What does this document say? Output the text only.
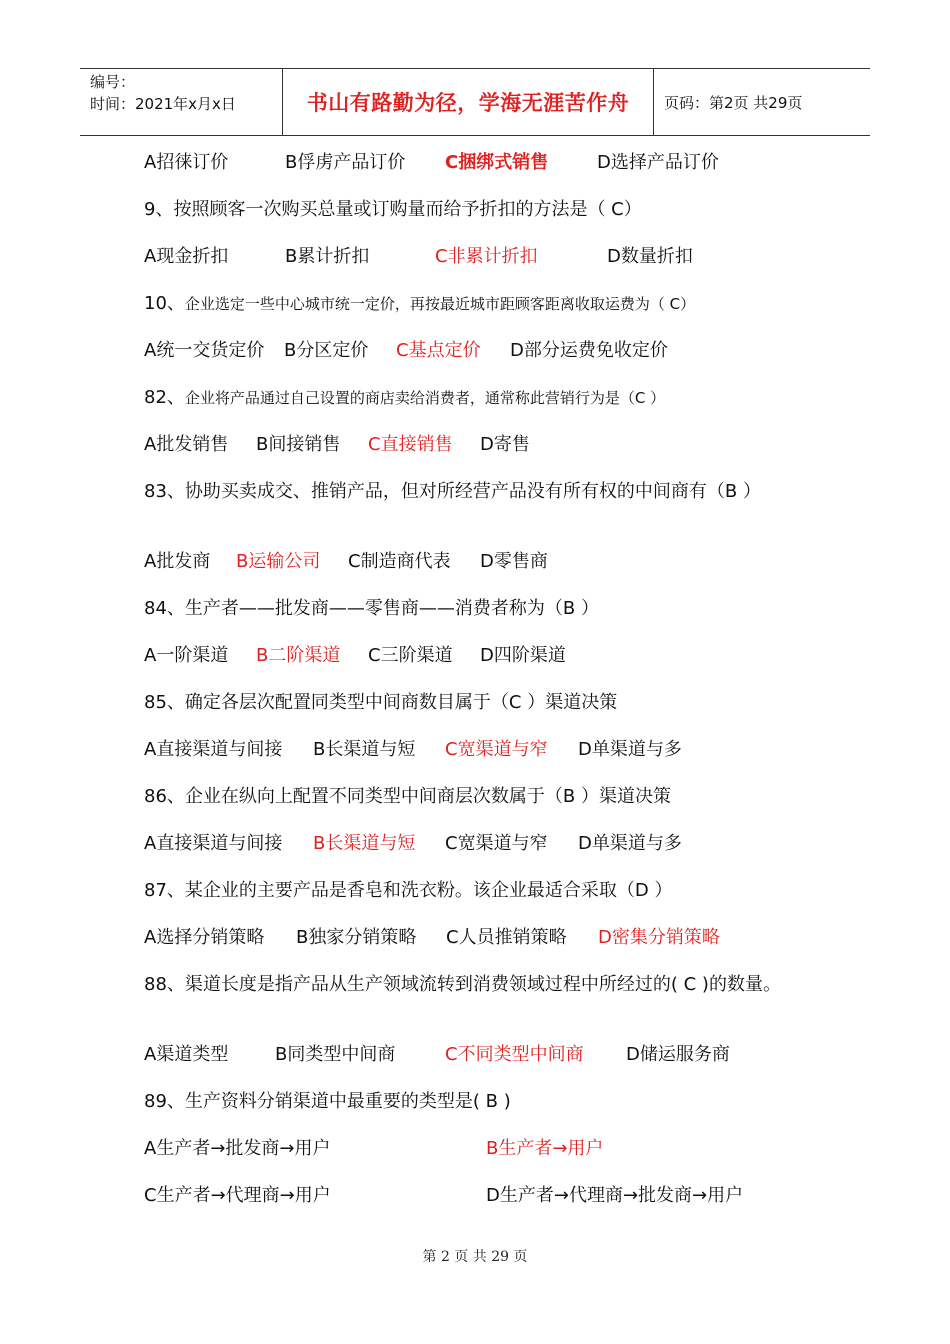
编号：
时间：2021年x月x日	书山有路勤为径，学海无涯苦作舟 页码：第2页 共29页
A招徕订价	B俘虏产品订价 C捆绑式销售	D选择产品订价
9、按照顾客一次购买总量或订购量而给予折扣的方法是（ C）
A现金折扣	B累计折扣	C非累计折扣	D数量折扣
10、企业选定一些中心城市统一定价，再按最近城市距顾客距离收取运费为（ C）
A统一交货定价 B分区定价 C基点定价 D部分运费免收定价
82、企业将产品通过自己设置的商店卖给消费者，通常称此营销行为是（C ）
A批发销售 B间接销售 C直接销售 D寄售
83、协助买卖成交、推销产品，但对所经营产品没有所有权的中间商有（B ）
A批发商 B运输公司 C制造商代表 D零售商
84、生产者——批发商——零售商——消费者称为（B ）
A一阶渠道 B二阶渠道 C三阶渠道 D四阶渠道
85、确定各层次配置同类型中间商数目属于（C ）渠道决策
A直接渠道与间接 B长渠道与短 C宽渠道与窄 D单渠道与多
86、企业在纵向上配置不同类型中间商层次数属于（B ）渠道决策
A直接渠道与间接 B长渠道与短 C宽渠道与窄 D单渠道与多
87、某企业的主要产品是香皂和洗衣粉。该企业最适合采取（D ）
A选择分销策略 B独家分销策略 C人员推销策略 D密集分销策略
88、渠道长度是指产品从生产领域流转到消费领域过程中所经过的( C )的数量。
A渠道类型	B同类型中间商	C不同类型中间商 D储运服务商
89、生产资料分销渠道中最重要的类型是( B )
A生产者→批发商→用户	B生产者→用户
C生产者→代理商→用户	D生产者→代理商→批发商→用户
第 2 页 共 29 页
